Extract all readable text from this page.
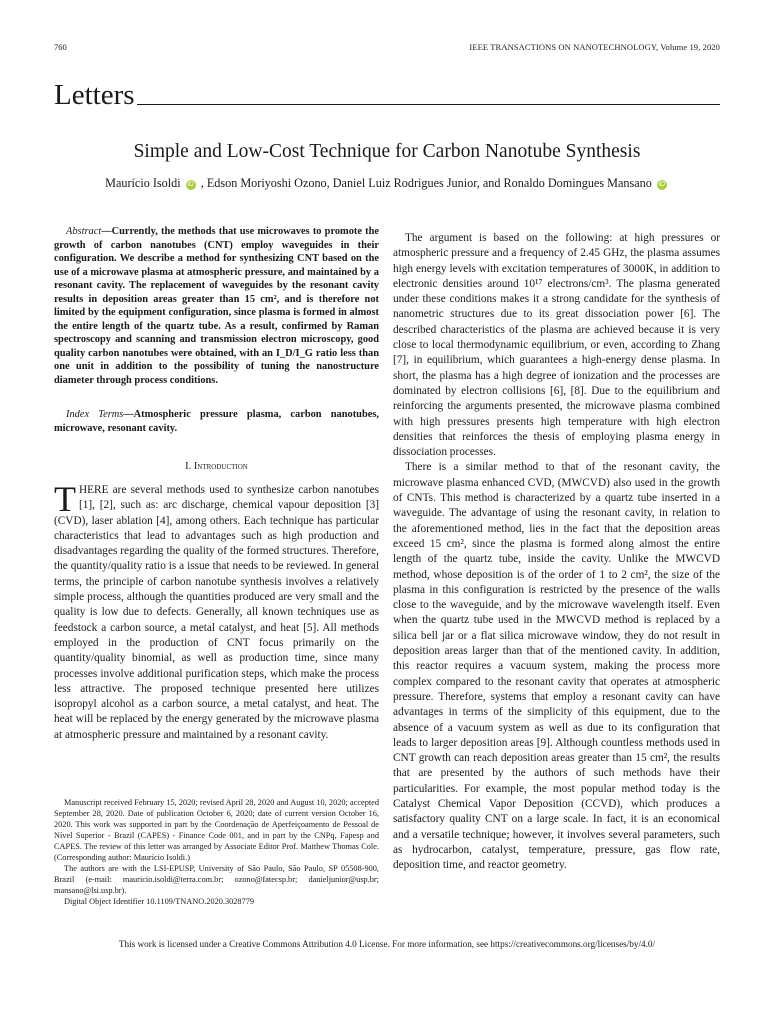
760	IEEE TRANSACTIONS ON NANOTECHNOLOGY, Volume 19, 2020
Letters
Simple and Low-Cost Technique for Carbon Nanotube Synthesis
Maurício Isoldi iD , Edson Moriyoshi Ozono, Daniel Luiz Rodrigues Junior, and Ronaldo Domingues Mansano iD
Abstract—Currently, the methods that use microwaves to promote the growth of carbon nanotubes (CNT) employ waveguides in their configuration. We describe a method for synthesizing CNT based on the use of a microwave plasma at atmospheric pressure, and maintained by a resonant cavity. The replacement of waveguides by the resonant cavity results in deposition areas greater than 15 cm², and is therefore not limited by the equipment configuration, since plasma is formed in almost the entire length of the quartz tube. As a result, confirmed by Raman spectroscopy and scanning and transmission electron microscopy, good quality carbon nanotubes were obtained, with an I_D/I_G ratio less than one unit in addition to the possibility of tuning the nanostructure diameter through process conditions.
Index Terms—Atmospheric pressure plasma, carbon nanotubes, microwave, resonant cavity.
I. Introduction
THERE are several methods used to synthesize carbon nanotubes [1], [2], such as: arc discharge, chemical vapour deposition [3] (CVD), laser ablation [4], among others. Each technique has particular characteristics that lead to advantages such as high production and disadvantages regarding the quality of the formed structures. Therefore, the quantity/quality ratio is a issue that needs to be reviewed. In general terms, the principle of carbon nanotube synthesis involves a relatively simple process, although the quantities produced are very small and the quality is low due to defects. Generally, all known techniques use as feedstock a carbon source, a metal catalyst, and heat [5]. All methods employed in the production of CNT focus primarily on the quantity/quality binomial, as well as production time, since many processes involve additional purification steps, which make the process less attractive. The proposed technique presented here utilizes isopropyl alcohol as a carbon source, a metal catalyst, and heat. The heat will be replaced by the energy generated by the microwave plasma at atmospheric pressure and maintained by a resonant cavity.

Manuscript received February 15, 2020; revised April 28, 2020 and August 10, 2020; accepted September 28, 2020. Date of publication October 6, 2020; date of current version October 16, 2020. This work was supported in part by the Coordenação de Aperfeiçoamento de Pessoal de Nível Superior - Brazil (CAPES) - Finance Code 001, and in part by the CNPq, Fapesp and CAPES. The review of this letter was arranged by Associate Editor Prof. Matthew Thomas Cole. (Corresponding author: Maurício Isoldi.)

The authors are with the LSI-EPUSP, University of São Paulo, São Paulo, SP 05508-900, Brazil (e-mail: mauricio.isoldi@terra.com.br; ozono@fatecsp.br; danieljunior@usp.br; mansano@lsi.usp.br).

Digital Object Identifier 10.1109/TNANO.2020.3028779

The argument is based on the following: at high pressures or atmospheric pressure and a frequency of 2.45 GHz, the plasma assumes high energy levels with excitation temperatures of 3000K, in addition to electronic densities around 10¹⁷ electrons/cm³. The plasma generated under these conditions makes it a strong candidate for the synthesis of nanometric structures due to its great dissociation power [6]. The described characteristics of the plasma are achieved because it is very close to local thermodynamic equilibrium, or even, according to Zhang [7], in equilibrium, which guarantees a high-energy dense plasma. In short, the plasma has a high degree of ionization and the processes are dominated by electron collisions [6], [8]. Due to the equilibrium and reinforcing the arguments presented, the microwave plasma combined with high pressures presents high temperature with high electron densities that reinforces the thesis of employing plasma energy in dissociation processes.

There is a similar method to that of the resonant cavity, the microwave plasma enhanced CVD, (MWCVD) also used in the growth of CNTs. This method is characterized by a quartz tube inserted in a waveguide. The advantage of using the resonant cavity, in relation to the aforementioned method, lies in the fact that the deposition areas exceed 15 cm², since the plasma is formed along almost the entire length of the quartz tube, inside the cavity. Unlike the MWCVD method, whose deposition is of the order of 1 to 2 cm², the size of the plasma in this configuration is restricted by the presence of the walls close to the waveguide, and by the microwave wavelength itself. Even when the quartz tube used in the MWCVD method is replaced by a silica bell jar or a flat silica microwave window, they do not result in deposition areas larger than that of the mentioned cavity. In addition, this reactor requires a vacuum system, making the process more complex compared to the resonant cavity that operates at atmospheric pressure. Therefore, systems that employ a resonant cavity can have advantages in terms of the simplicity of this equipment, due to the absence of a vacuum system as well as due to its configuration that leads to larger deposition areas [9]. Although countless methods used in CNT growth can reach deposition areas greater than 15 cm², the results that are presented by the authors of such methods have their particularities. For example, the most popular method today is the Catalyst Chemical Vapor Deposition (CCVD), which produces a satisfactory quality CNT on a large scale. In fact, it is an economical and a versatile technique; however, it involves several parameters, such as hydrocarbon, catalyst, temperature, pressure, gas flow rate, deposition time, and reactor geometry.

This work is licensed under a Creative Commons Attribution 4.0 License. For more information, see https://creativecommons.org/licenses/by/4.0/
